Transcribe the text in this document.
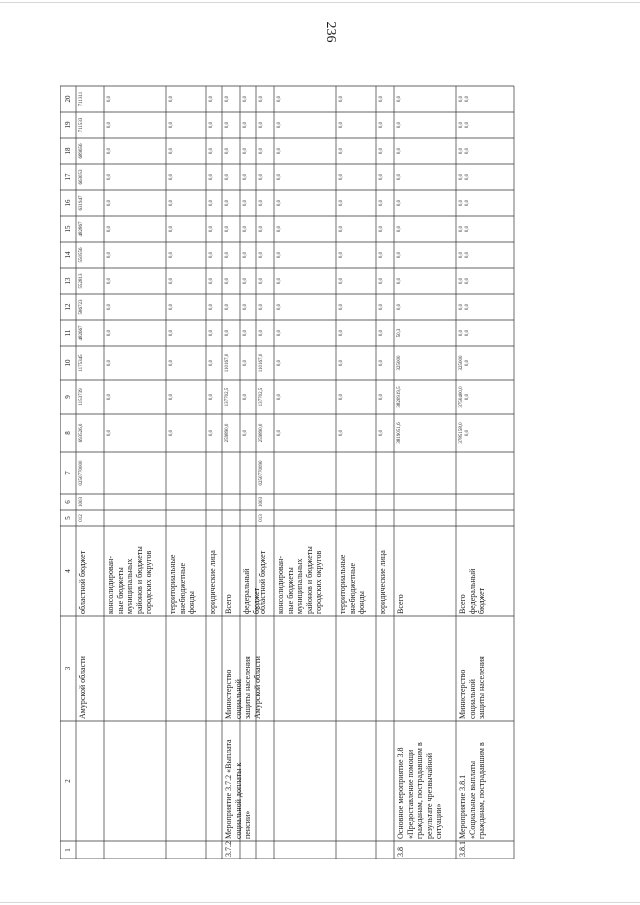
236
1
2
3
4
5
6
7
8
9
10
11
12
13
14
15
16
17
18
19
20
Амурской области
областной бюджет
012
1003
0250770000
693526,0
1153739
1175345
482667
586723
552813
550556
482867
631947
663053
689656
711533
711311
консолидирован-
ные бюджеты
муниципальных
районов и бюджеты
городских округов
0,0
0,0
0,0
0,0
0,0
0,0
0,0
0,0
0,0
0,0
0,0
0,0
0,0
территориальные
внебюджетные
фонды
0,0
0,0
0,0
0,0
0,0
0,0
0,0
0,0
0,0
0,0
0,0
0,0
0,0
юридические лица
0,0
0,0
0,0
0,0
0,0
0,0
0,0
0,0
0,0
0,0
0,0
0,0
0,0
3.7.2
Мероприятие 3.7.2 «Выплата
социальной доплаты к
пенсии»
Министерство
социальной
защиты населения
Амурской области
Всего
259890,0
137702,5
110167,0
0,0
0,0
0,0
0,0
0,0
0,0
0,0
0,0
0,0
0,0
федеральный
бюджет
0,0
0,0
0,0
0,0
0,0
0,0
0,0
0,0
0,0
0,0
0,0
0,0
0,0
областной бюджет
013
1003
0250770090
259890,0
137702,5
110167,0
0,0
0,0
0,0
0,0
0,0
0,0
0,0
0,0
0,0
0,0
консолидирован-
ные бюджеты
муниципальных
районов и бюджеты
городских округов
0,0
0,0
0,0
0,0
0,0
0,0
0,0
0,0
0,0
0,0
0,0
0,0
0,0
территориальные
внебюджетные
фонды
0,0
0,0
0,0
0,0
0,0
0,0
0,0
0,0
0,0
0,0
0,0
0,0
0,0
юридические лица
0,0
0,0
0,0
0,0
0,0
0,0
0,0
0,0
0,0
0,0
0,0
0,0
0,0
3.8
Основное мероприятие 3.8
«Предоставление помощи
гражданам, пострадавшим в
результате чрезвычайной
ситуации»
Всего
3819051,6
3820919,5
325000
50,3
0,0
0,0
0,0
0,0
0,0
0,0
0,0
0,0
0,0
3.8.1
Мероприятие 3.8.1
«Социальные выплаты
гражданам, пострадавшим в
Министерство
социальной
защиты населения
Всего
федеральный
бюджет
3785158,0
0,0
3750400,0
0,0
325000
0,0
0,0
0,0
0,0
0,0
0,0
0,0
0,0
0,0
0,0
0,0
0,0
0,0
0,0
0,0
0,0
0,0
0,0
0,0
0,0
0,0
